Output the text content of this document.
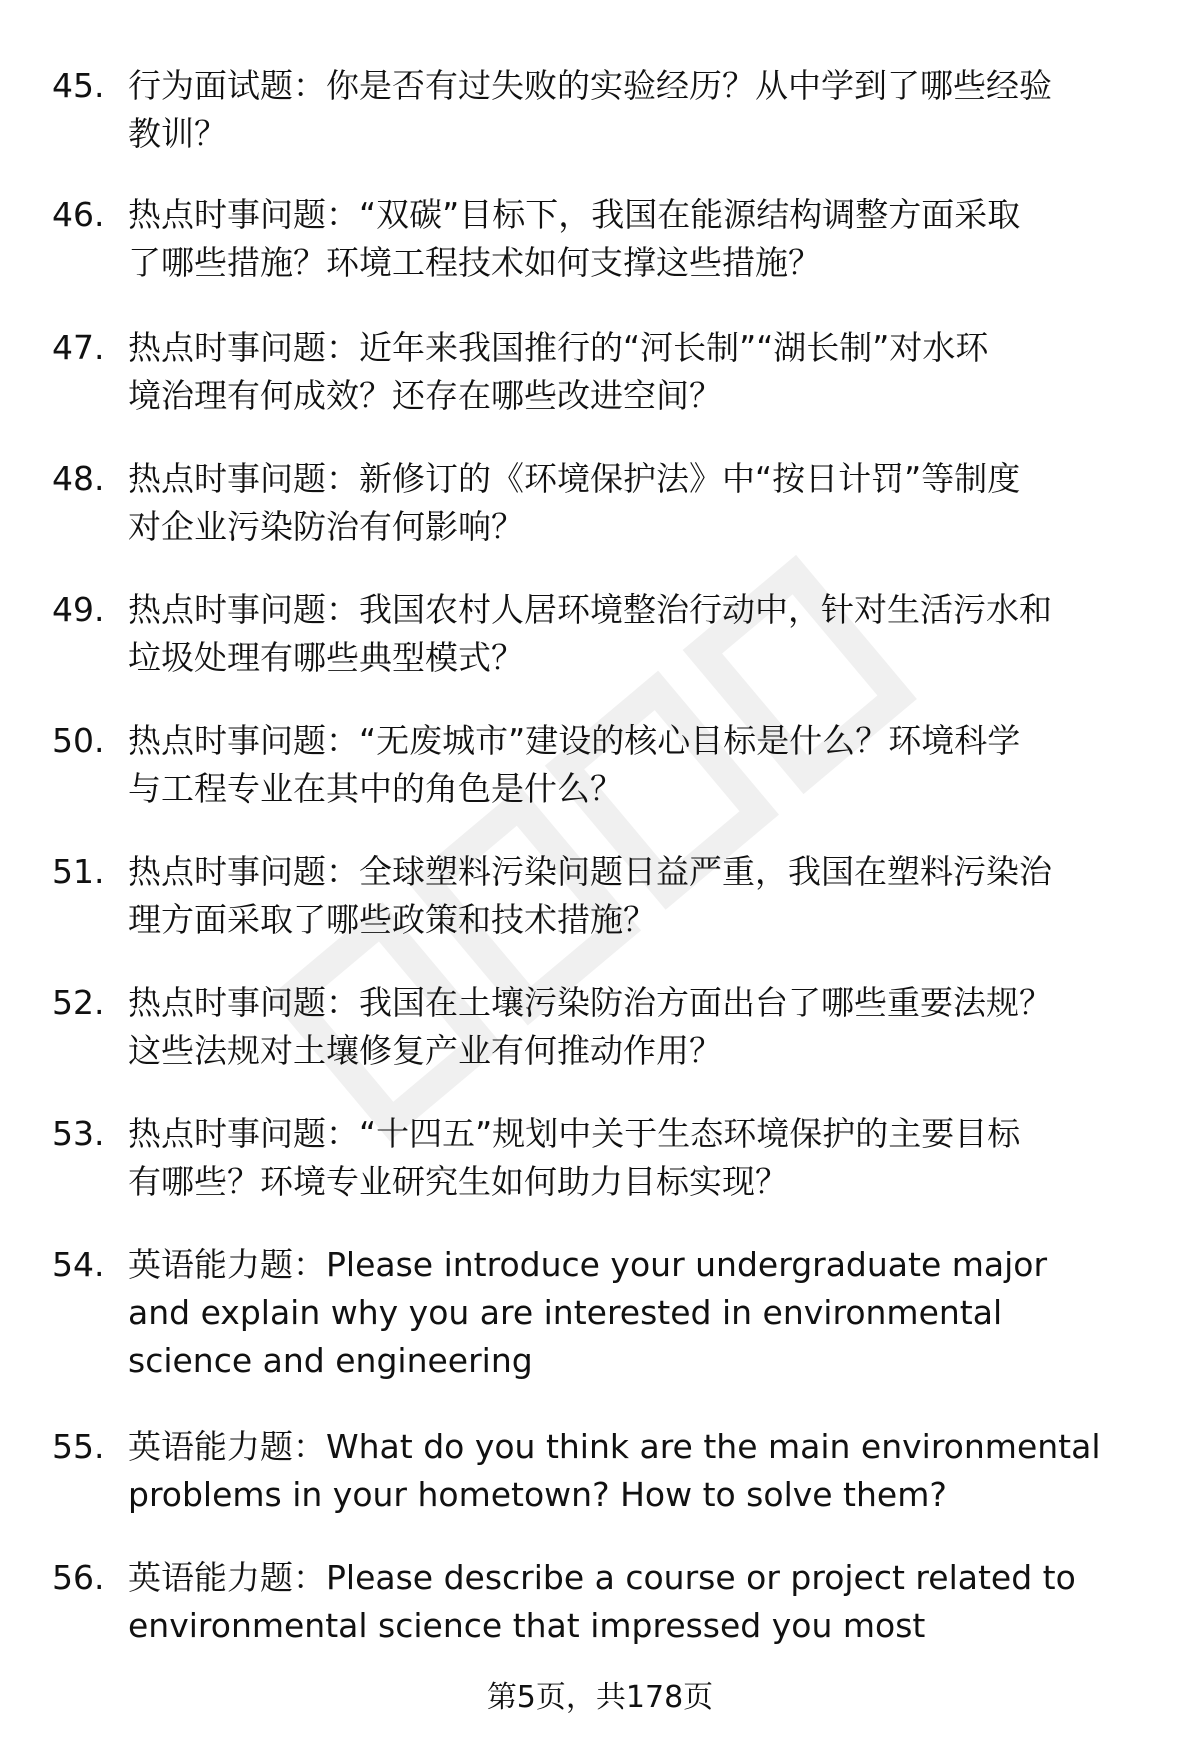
45. 行为面试题：你是否有过失败的实验经历？从中学到了哪些经验
教训？
46. 热点时事问题：“双碳”目标下，我国在能源结构调整方面采取
了哪些措施？环境工程技术如何支撑这些措施？
47. 热点时事问题：近年来我国推行的“河长制”“湖长制”对水环
境治理有何成效？还存在哪些改进空间？
48. 热点时事问题：新修订的《环境保护法》中“按日计罚”等制度
对企业污染防治有何影响？
49. 热点时事问题：我国农村人居环境整治行动中，针对生活污水和
垃圾处理有哪些典型模式？
50. 热点时事问题：“无废城市”建设的核心目标是什么？环境科学
与工程专业在其中的角色是什么？
51. 热点时事问题：全球塑料污染问题日益严重，我国在塑料污染治
理方面采取了哪些政策和技术措施？
52. 热点时事问题：我国在土壤污染防治方面出台了哪些重要法规？
这些法规对土壤修复产业有何推动作用？
53. 热点时事问题：“十四五”规划中关于生态环境保护的主要目标
有哪些？环境专业研究生如何助力目标实现？
54. 英语能力题：Please introduce your undergraduate major
and explain why you are interested in environmental
science and engineering
55. 英语能力题：What do you think are the main environmental
problems in your hometown? How to solve them?
56. 英语能力题：Please describe a course or project related to
environmental science that impressed you most
第5页，共178页
